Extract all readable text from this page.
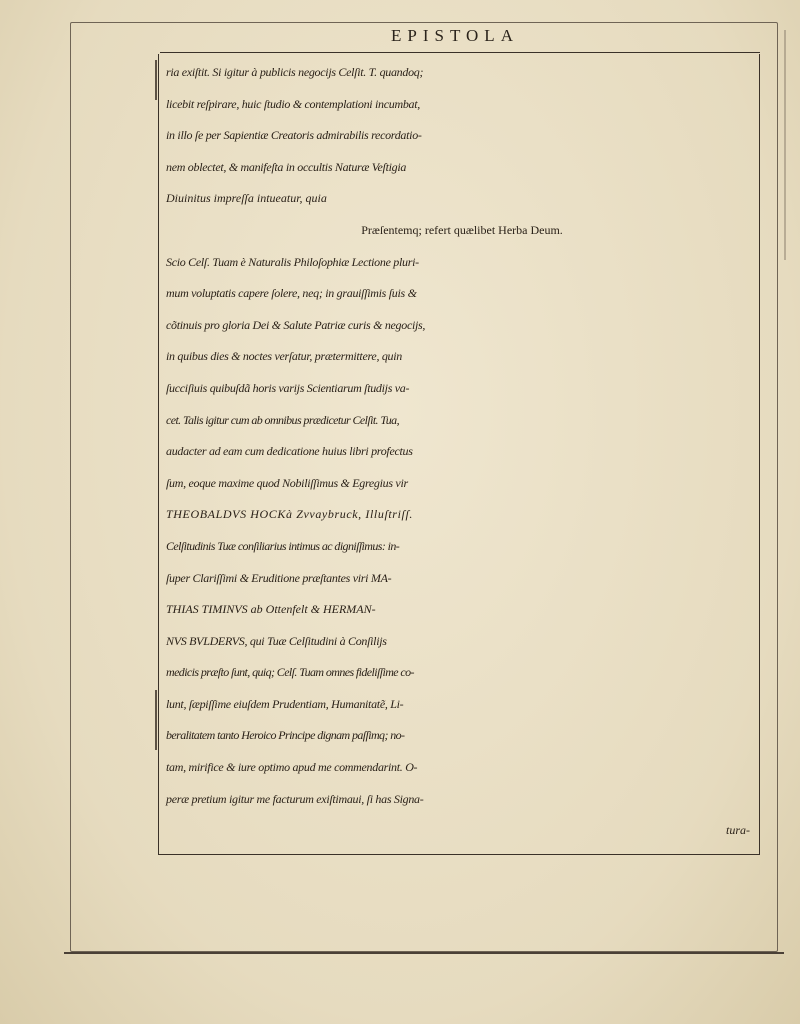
EPISTOLA
ria exiſtit. Si igitur à publicis negocijs Celſit. T. quandoq;
licebit reſpirare, huic ſtudio & contemplationi incumbat,
in illo ſe per Sapientiæ Creatoris admirabilis recordatio-
nem oblectet, & manifeſta in occultis Naturæ Veſtigia
Diuinitus impreſſa intueatur, quia
Præſentemq; refert quælibet Herba Deum.
Scio Celſ. Tuam è Naturalis Philoſophiæ Lectione pluri-
mum voluptatis capere ſolere, neq; in grauiſſimis ſuis &
cõtinuis pro gloria Dei & Salute Patriæ curis & negocijs,
in quibus dies & noctes verſatur, prætermittere, quin
ſucciſiuis quibuſdã horis varijs Scientiarum ſtudijs va-
cet. Talis igitur cum ab omnibus prædicetur Celſit. Tua,
audacter ad eam cum dedicatione huius libri profectus
ſum, eoque maxime quod Nobiliſſimus & Egregius vir
THEOBALDVS HOCKà Zvvaybruck, Illuſtriſſ.
Celſitudinis Tuæ conſiliarius intimus ac digniſſimus: in-
ſuper Clariſſimi & Eruditione præſtantes viri MA-
THIAS TIMINVS ab Ottenfelt & HERMAN-
NVS BVLDERVS, qui Tuæ Celſitudini à Conſilijs
medicis præſto ſunt, quiq; Celſ. Tuam omnes fideliſſime co-
lunt, ſæpiſſime eiuſdem Prudentiam, Humanitatẽ, Li-
beralitatem tanto Heroico Principe dignam paſſimq; no-
tam, mirifice & iure optimo apud me commendarint. O-
peræ pretium igitur me facturum exiſtimaui, ſi has Signa-
tura-
